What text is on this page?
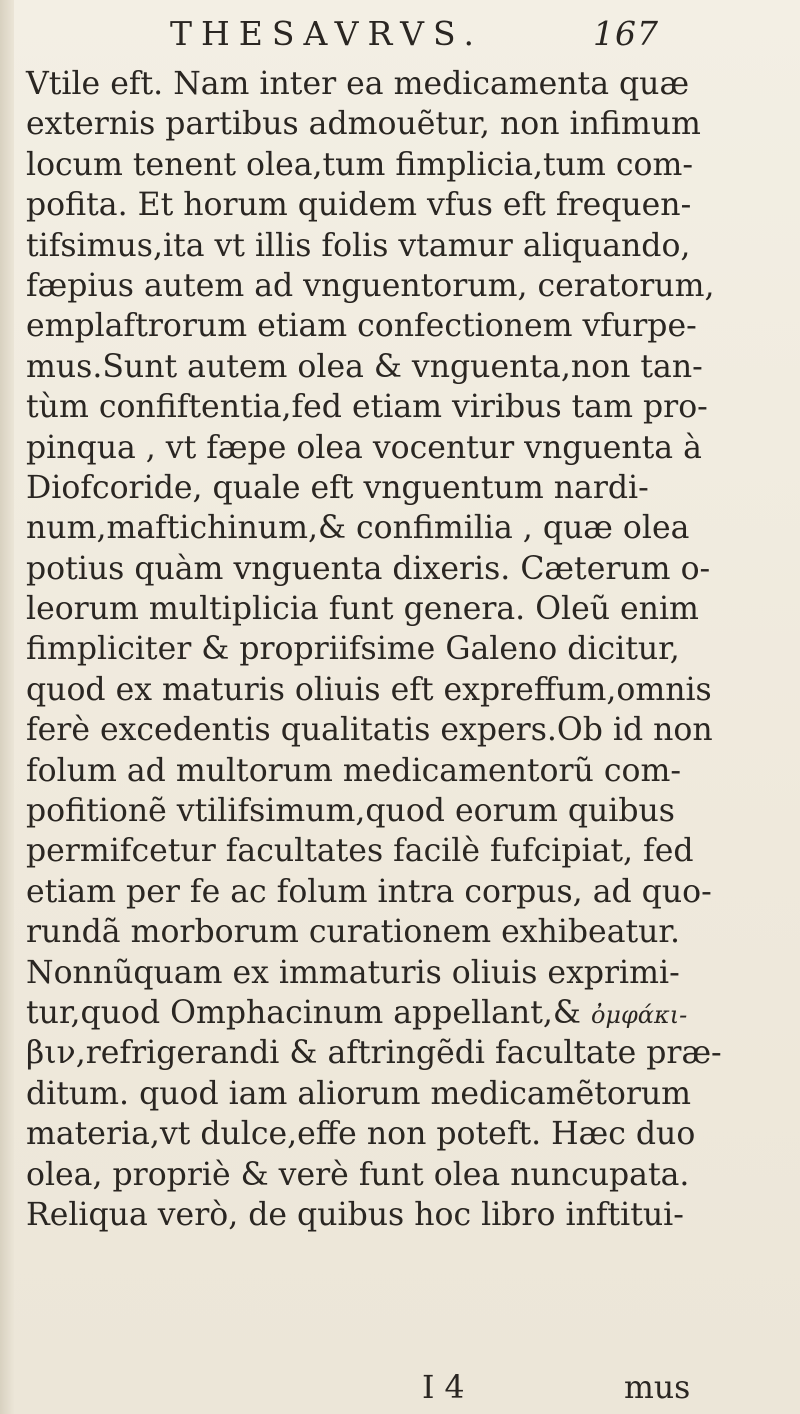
THESAVRVS.	167
Vtile eft. Nam inter ea medicamenta quæ
externis partibus admouẽtur, non infimum
locum tenent olea,tum fimplicia,tum com-
pofita. Et horum quidem vfus eft frequen-
tifsimus,ita vt illis folis vtamur aliquando,
fæpius autem ad vnguentorum, ceratorum,
emplaftrorum etiam confectionem vfurpe-
mus.Sunt autem olea & vnguenta,non tan-
tùm confiftentia,fed etiam viribus tam pro-
pinqua , vt fæpe olea vocentur vnguenta à
Diofcoride, quale eft vnguentum nardi-
num,maftichinum,& confimilia , quæ olea
potius quàm vnguenta dixeris. Cæterum o-
leorum multiplicia funt genera. Oleũ enim
fimpliciter & propriifsime Galeno dicitur,
quod ex maturis oliuis eft expreffum,omnis
ferè excedentis qualitatis expers.Ob id non
folum ad multorum medicamentorũ com-
pofitionẽ vtilifsimum,quod eorum quibus
permifcetur facultates facilè fufcipiat, fed
etiam per fe ac folum intra corpus, ad quo-
rundã morborum curationem exhibeatur.
Nonnũquam ex immaturis oliuis exprimi-
tur,quod Omphacinum appellant,& ὀμφάκι-
βιν,refrigerandi & aftringẽdi facultate præ-
ditum. quod iam aliorum medicamẽtorum
materia,vt dulce,effe non poteft. Hæc duo
olea, propriè & verè funt olea nuncupata.
Reliqua verò, de quibus hoc libro inftitui-
I 4	mus
